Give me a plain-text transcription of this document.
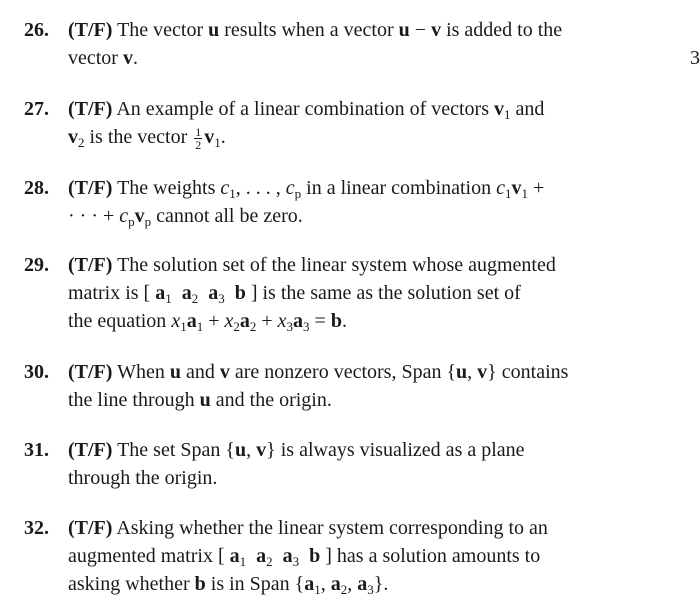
3
26. (T/F) The vector u results when a vector u − v is added to the
vector v.
27. (T/F) An example of a linear combination of vectors $v_1$ and
$v_2$ is the vector $\frac{1}{2} v_1$.
28. (T/F) The weights $c_1$, . . . , $c_p$ in a linear combination $c_1v_1$ +
· · · + $c_pv_p$ cannot all be zero.
29. (T/F) The solution set of the linear system whose augmented
matrix is [ $a_1$ $a_2$ $a_3$ b ] is the same as the solution set of
the equation $x_1a_1 + x_2a_2 + x_3a_3 = b$.
30. (T/F) When u and v are nonzero vectors, Span {u, v} contains
the line through u and the origin.
31. (T/F) The set Span {u, v} is always visualized as a plane
through the origin.
32. (T/F) Asking whether the linear system corresponding to an
augmented matrix [ $a_1$ $a_2$ $a_3$ b ] has a solution amounts to
asking whether b is in Span {$a_1$, $a_2$, $a_3$}.
